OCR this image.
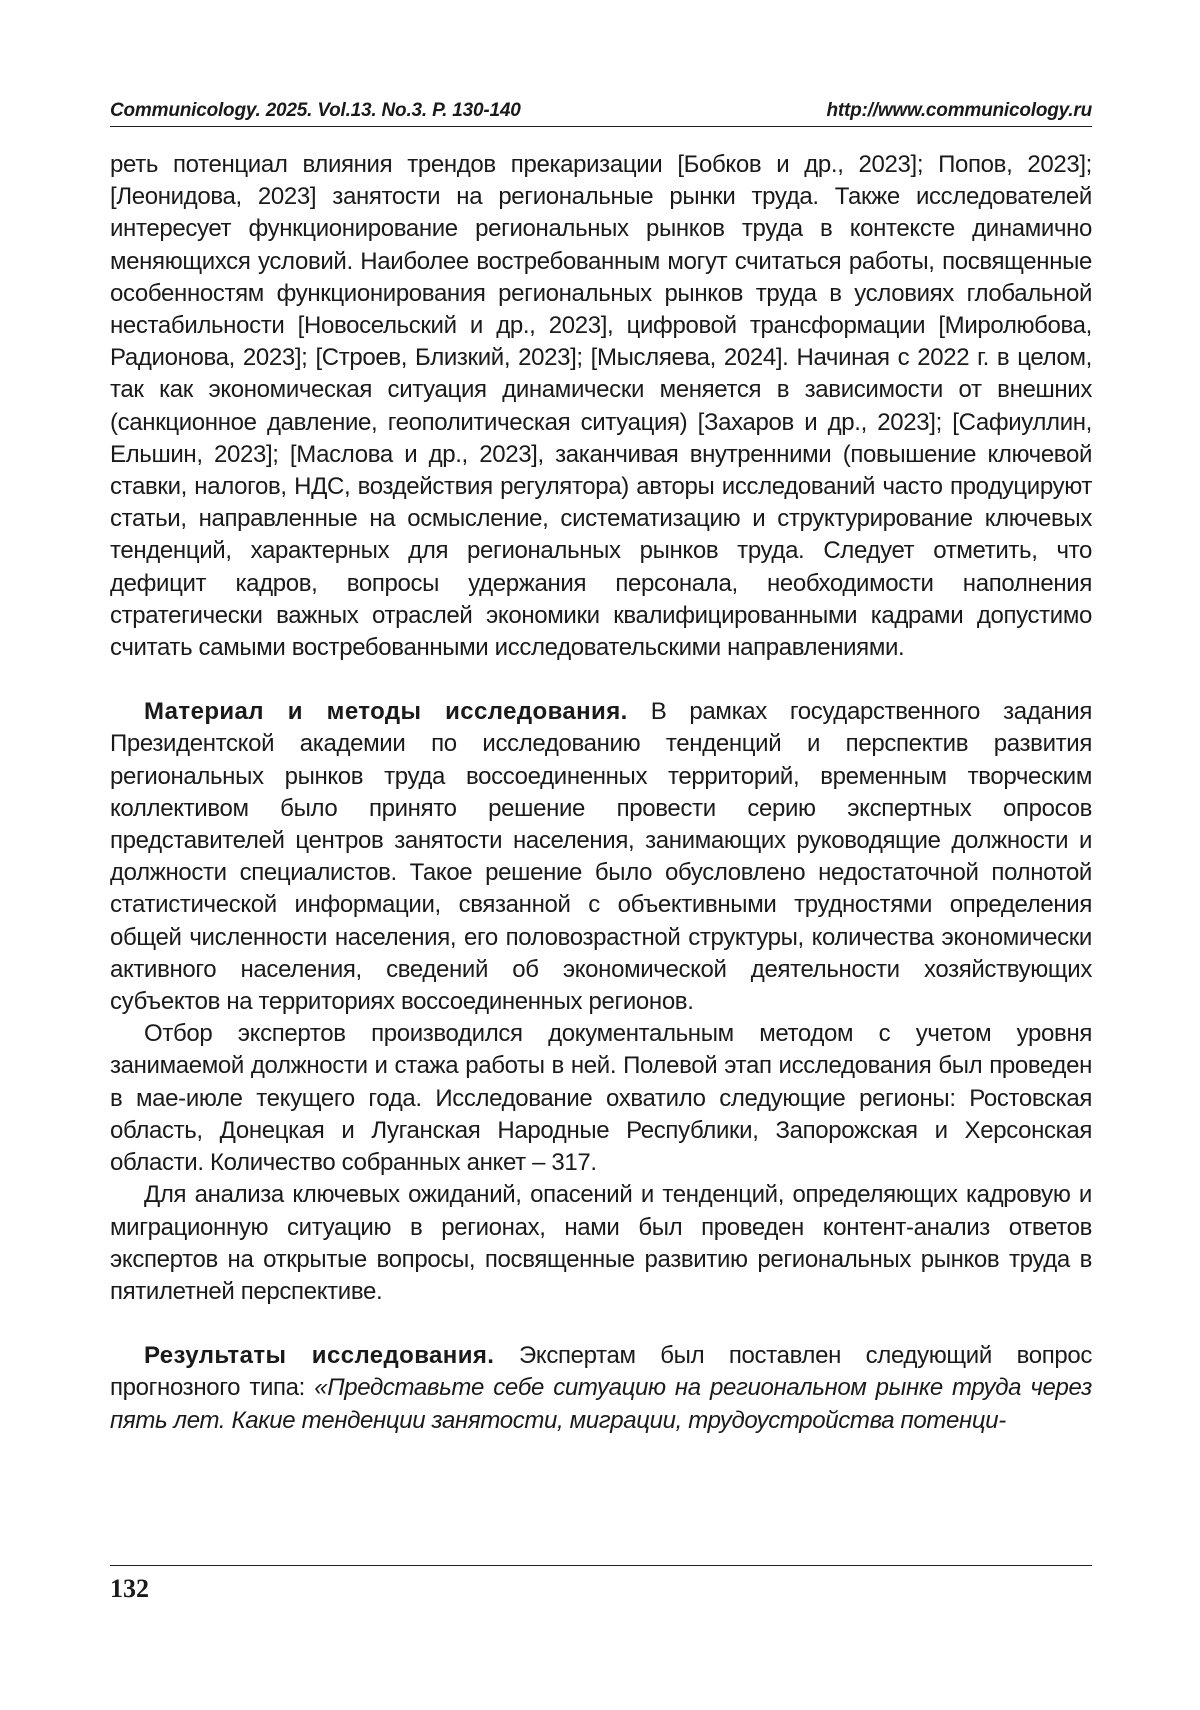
Communicology. 2025. Vol.13. No.3. P. 130-140	http://www.communicology.ru

реть потенциал влияния трендов прекаризации [Бобков и др., 2023]; Попов, 2023]; [Леонидова, 2023] занятости на региональные рынки труда. Также исследователей интересует функционирование региональных рынков труда в контексте динамично меняющихся условий. Наиболее востребованным могут считаться работы, посвященные особенностям функционирования региональных рынков труда в условиях глобальной нестабильности [Новосельский и др., 2023], цифровой трансформации [Миролюбова, Радионова, 2023]; [Строев, Близкий, 2023]; [Мысляева, 2024]. Начиная с 2022 г. в целом, так как экономическая ситуация динамически меняется в зависимости от внешних (санкционное давление, геополитическая ситуация) [Захаров и др., 2023]; [Сафиуллин, Ельшин, 2023]; [Маслова и др., 2023], заканчивая внутренними (повышение ключевой ставки, налогов, НДС, воздействия регулятора) авторы исследований часто продуцируют статьи, направленные на осмысление, систематизацию и структурирование ключевых тенденций, характерных для региональных рынков труда. Следует отметить, что дефицит кадров, вопросы удержания персонала, необходимости наполнения стратегически важных отраслей экономики квалифицированными кадрами допустимо считать самыми востребованными исследовательскими направлениями.

Материал и методы исследования. В рамках государственного задания Президентской академии по исследованию тенденций и перспектив развития региональных рынков труда воссоединенных территорий, временным творческим коллективом было принято решение провести серию экспертных опросов представителей центров занятости населения, занимающих руководящие должности и должности специалистов. Такое решение было обусловлено недостаточной полнотой статистической информации, связанной с объективными трудностями определения общей численности населения, его половозрастной структуры, количества экономически активного населения, сведений об экономической деятельности хозяйствующих субъектов на территориях воссоединенных регионов.

Отбор экспертов производился документальным методом с учетом уровня занимаемой должности и стажа работы в ней. Полевой этап исследования был проведен в мае-июле текущего года. Исследование охватило следующие регионы: Ростовская область, Донецкая и Луганская Народные Республики, Запорожская и Херсонская области. Количество собранных анкет – 317.

Для анализа ключевых ожиданий, опасений и тенденций, определяющих кадровую и миграционную ситуацию в регионах, нами был проведен контент-анализ ответов экспертов на открытые вопросы, посвященные развитию региональных рынков труда в пятилетней перспективе.

Результаты исследования. Экспертам был поставлен следующий вопрос прогнозного типа: «Представьте себе ситуацию на региональном рынке труда через пять лет. Какие тенденции занятости, миграции, трудоустройства потенци-

132
